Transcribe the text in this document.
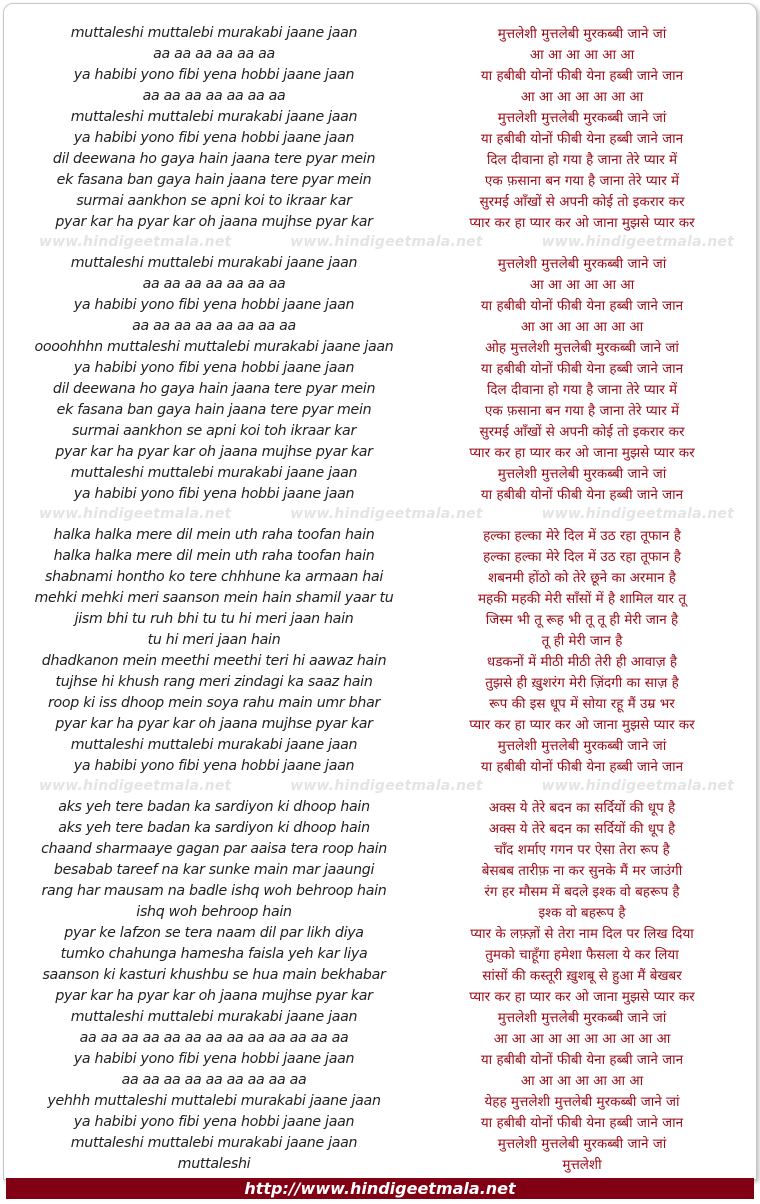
muttaleshi muttalebi murakabi jaane jaan	मुत्तलेशी मुत्तलेबी मुरकब्बी जाने जां
aa aa aa aa aa aa	आ आ आ आ आ आ
ya habibi yono fibi yena hobbi jaane jaan	या हबीबी योनों फीबी येना हब्बी जाने जान
aa aa aa aa aa aa aa	आ आ आ आ आ आ आ
muttaleshi muttalebi murakabi jaane jaan	मुत्तलेशी मुत्तलेबी मुरकब्बी जाने जां
ya habibi yono fibi yena hobbi jaane jaan	या हबीबी योनों फीबी येना हब्बी जाने जान
dil deewana ho gaya hain jaana tere pyar mein	दिल दीवाना हो गया है जाना तेरे प्यार में
ek fasana ban gaya hain jaana tere pyar mein	एक फ़साना बन गया है जाना तेरे प्यार में
surmai aankhon se apni koi to ikraar kar	सुरमई आँखों से अपनी कोई तो इकरार कर
pyar kar ha pyar kar oh jaana mujhse pyar kar	प्यार कर हा प्यार कर ओ जाना मुझसे प्यार कर
www.hindigeetmala.net	www.hindigeetmala.net	www.hindigeetmala.net
muttaleshi muttalebi murakabi jaane jaan	मुत्तलेशी मुत्तलेबी मुरकब्बी जाने जां
aa aa aa aa aa aa aa	आ आ आ आ आ आ
ya habibi yono fibi yena hobbi jaane jaan	या हबीबी योनों फीबी येना हब्बी जाने जान
aa aa aa aa aa aa aa aa	आ आ आ आ आ आ आ
oooohhhn muttaleshi muttalebi murakabi jaane jaan	ओह मुत्तलेशी मुत्तलेबी मुरकब्बी जाने जां
ya habibi yono fibi yena hobbi jaane jaan	या हबीबी योनों फीबी येना हब्बी जाने जान
dil deewana ho gaya hain jaana tere pyar mein	दिल दीवाना हो गया है जाना तेरे प्यार में
ek fasana ban gaya hain jaana tere pyar mein	एक फ़साना बन गया है जाना तेरे प्यार में
surmai aankhon se apni koi toh ikraar kar	सुरमई आँखों से अपनी कोई तो इकरार कर
pyar kar ha pyar kar oh jaana mujhse pyar kar	प्यार कर हा प्यार कर ओ जाना मुझसे प्यार कर
muttaleshi muttalebi murakabi jaane jaan	मुत्तलेशी मुत्तलेबी मुरकब्बी जाने जां
ya habibi yono fibi yena hobbi jaane jaan	या हबीबी योनों फीबी येना हब्बी जाने जान
www.hindigeetmala.net	www.hindigeetmala.net	www.hindigeetmala.net
halka halka mere dil mein uth raha toofan hain	हल्का हल्का मेरे दिल में उठ रहा तूफान है
halka halka mere dil mein uth raha toofan hain	हल्का हल्का मेरे दिल में उठ रहा तूफान है
shabnami hontho ko tere chhhune ka armaan hai	शबनमी होंठो को तेरे छूने का अरमान है
mehki mehki meri saanson mein hain shamil yaar tu	महकी महकी मेरी साँसों में है शामिल यार तू
jism bhi tu ruh bhi tu tu hi meri jaan hain	जिस्म भी तू रूह भी तू तू ही मेरी जान है
tu hi meri jaan hain	तू ही मेरी जान है
dhadkanon mein meethi meethi teri hi aawaz hain	धडकनों में मीठी मीठी तेरी ही आवाज़ है
tujhse hi khush rang meri zindagi ka saaz hain	तुझसे ही ख़ुशरंग मेरी ज़िंदगी का साज़ है
roop ki iss dhoop mein soya rahu main umr bhar	रूप की इस धूप में सोया रहू मैं उम्र भर
pyar kar ha pyar kar oh jaana mujhse pyar kar	प्यार कर हा प्यार कर ओ जाना मुझसे प्यार कर
muttaleshi muttalebi murakabi jaane jaan	मुत्तलेशी मुत्तलेबी मुरकब्बी जाने जां
ya habibi yono fibi yena hobbi jaane jaan	या हबीबी योनों फीबी येना हब्बी जाने जान
www.hindigeetmala.net	www.hindigeetmala.net	www.hindigeetmala.net
aks yeh tere badan ka sardiyon ki dhoop hain	अक्स ये तेरे बदन का सर्दियों की धूप है
aks yeh tere badan ka sardiyon ki dhoop hain	अक्स ये तेरे बदन का सर्दियों की धूप है
chaand sharmaaye gagan par aaisa tera roop hain	चाँद शर्माए गगन पर ऐसा तेरा रूप है
besabab tareef na kar sunke main mar jaaungi	बेसबब तारीफ़ ना कर सुनके मैं मर जाउंगी
rang har mausam na badle ishq woh behroop hain	रंग हर मौसम में बदले इश्क वो बहरूप है
ishq woh behroop hain	इश्क वो बहरूप है
pyar ke lafzon se tera naam dil par likh diya	प्यार के लफ़्ज़ों से तेरा नाम दिल पर लिख दिया
tumko chahunga hamesha faisla yeh kar liya	तुमको चाहूँगा हमेशा फैसला ये कर लिया
saanson ki kasturi khushbu se hua main bekhabar	सांसों की कस्तूरी ख़ुशबू से हुआ मैं बेखबर
pyar kar ha pyar kar oh jaana mujhse pyar kar	प्यार कर हा प्यार कर ओ जाना मुझसे प्यार कर
muttaleshi muttalebi murakabi jaane jaan	मुत्तलेशी मुत्तलेबी मुरकब्बी जाने जां
aa aa aa aa aa aa aa aa aa aa aa aa aa	आ आ आ आ आ आ आ आ आ आ
ya habibi yono fibi yena hobbi jaane jaan	या हबीबी योनों फीबी येना हब्बी जाने जान
aa aa aa aa aa aa aa aa aa	आ आ आ आ आ आ आ
yehhh muttaleshi muttalebi murakabi jaane jaan	येहह मुत्तलेशी मुत्तलेबी मुरकब्बी जाने जां
ya habibi yono fibi yena hobbi jaane jaan	या हबीबी योनों फीबी येना हब्बी जाने जान
muttaleshi muttalebi murakabi jaane jaan	मुत्तलेशी मुत्तलेबी मुरकब्बी जाने जां
muttaleshi	मुत्तलेशी
http://www.hindigeetmala.net
